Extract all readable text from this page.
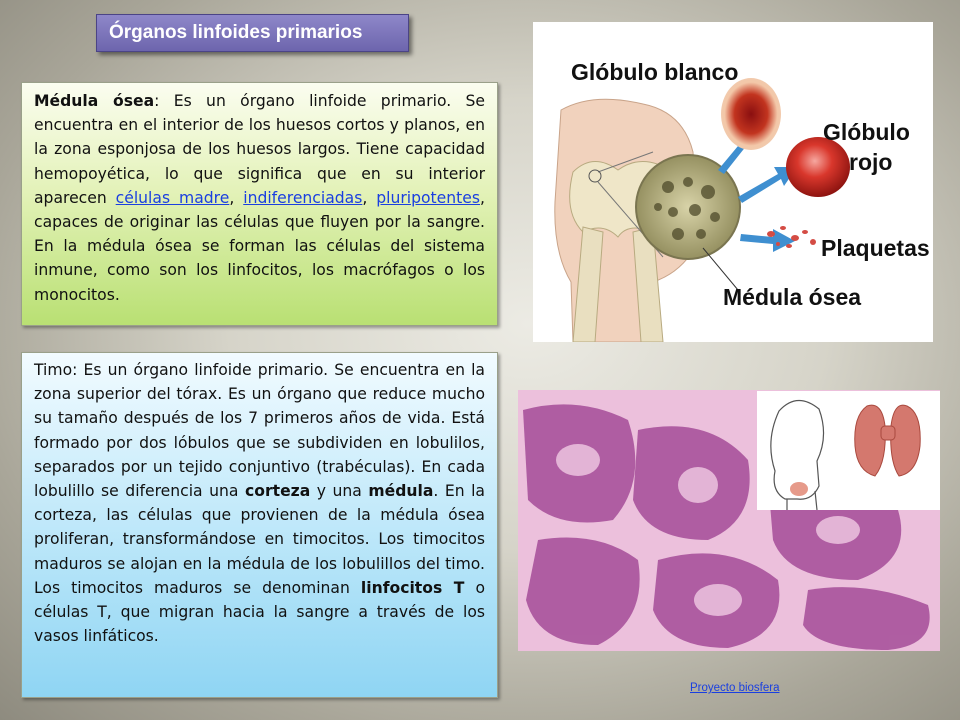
Órganos linfoides primarios

Médula ósea: Es un órgano linfoide primario. Se encuentra en el interior de los huesos cortos y planos, en la zona esponjosa de los huesos largos. Tiene capacidad hemopoyética, lo que significa que en su interior aparecen células madre, indiferenciadas, pluripotentes, capaces de originar las células que fluyen por la sangre. En la médula ósea se forman las células del sistema inmune, como son los linfocitos, los macrófagos o los monocitos.

Timo: Es un órgano linfoide primario. Se encuentra en la zona superior del tórax. Es un órgano que reduce mucho su tamaño después de los 7 primeros años de vida. Está formado por dos lóbulos que se subdividen en lobulilos, separados por un tejido conjuntivo (trabéculas). En cada lobulillo se diferencia una corteza y una médula. En la corteza, las células que provienen de la médula ósea proliferan, transformándose en timocitos. Los timocitos maduros se alojan en la médula de los lobulillos del timo. Los timocitos maduros se denominan linfocitos T o células T, que migran hacia la sangre a través de los vasos linfáticos.

Glóbulo blanco
Glóbulo
rojo
Plaquetas
Médula ósea
Proyecto biosfera
